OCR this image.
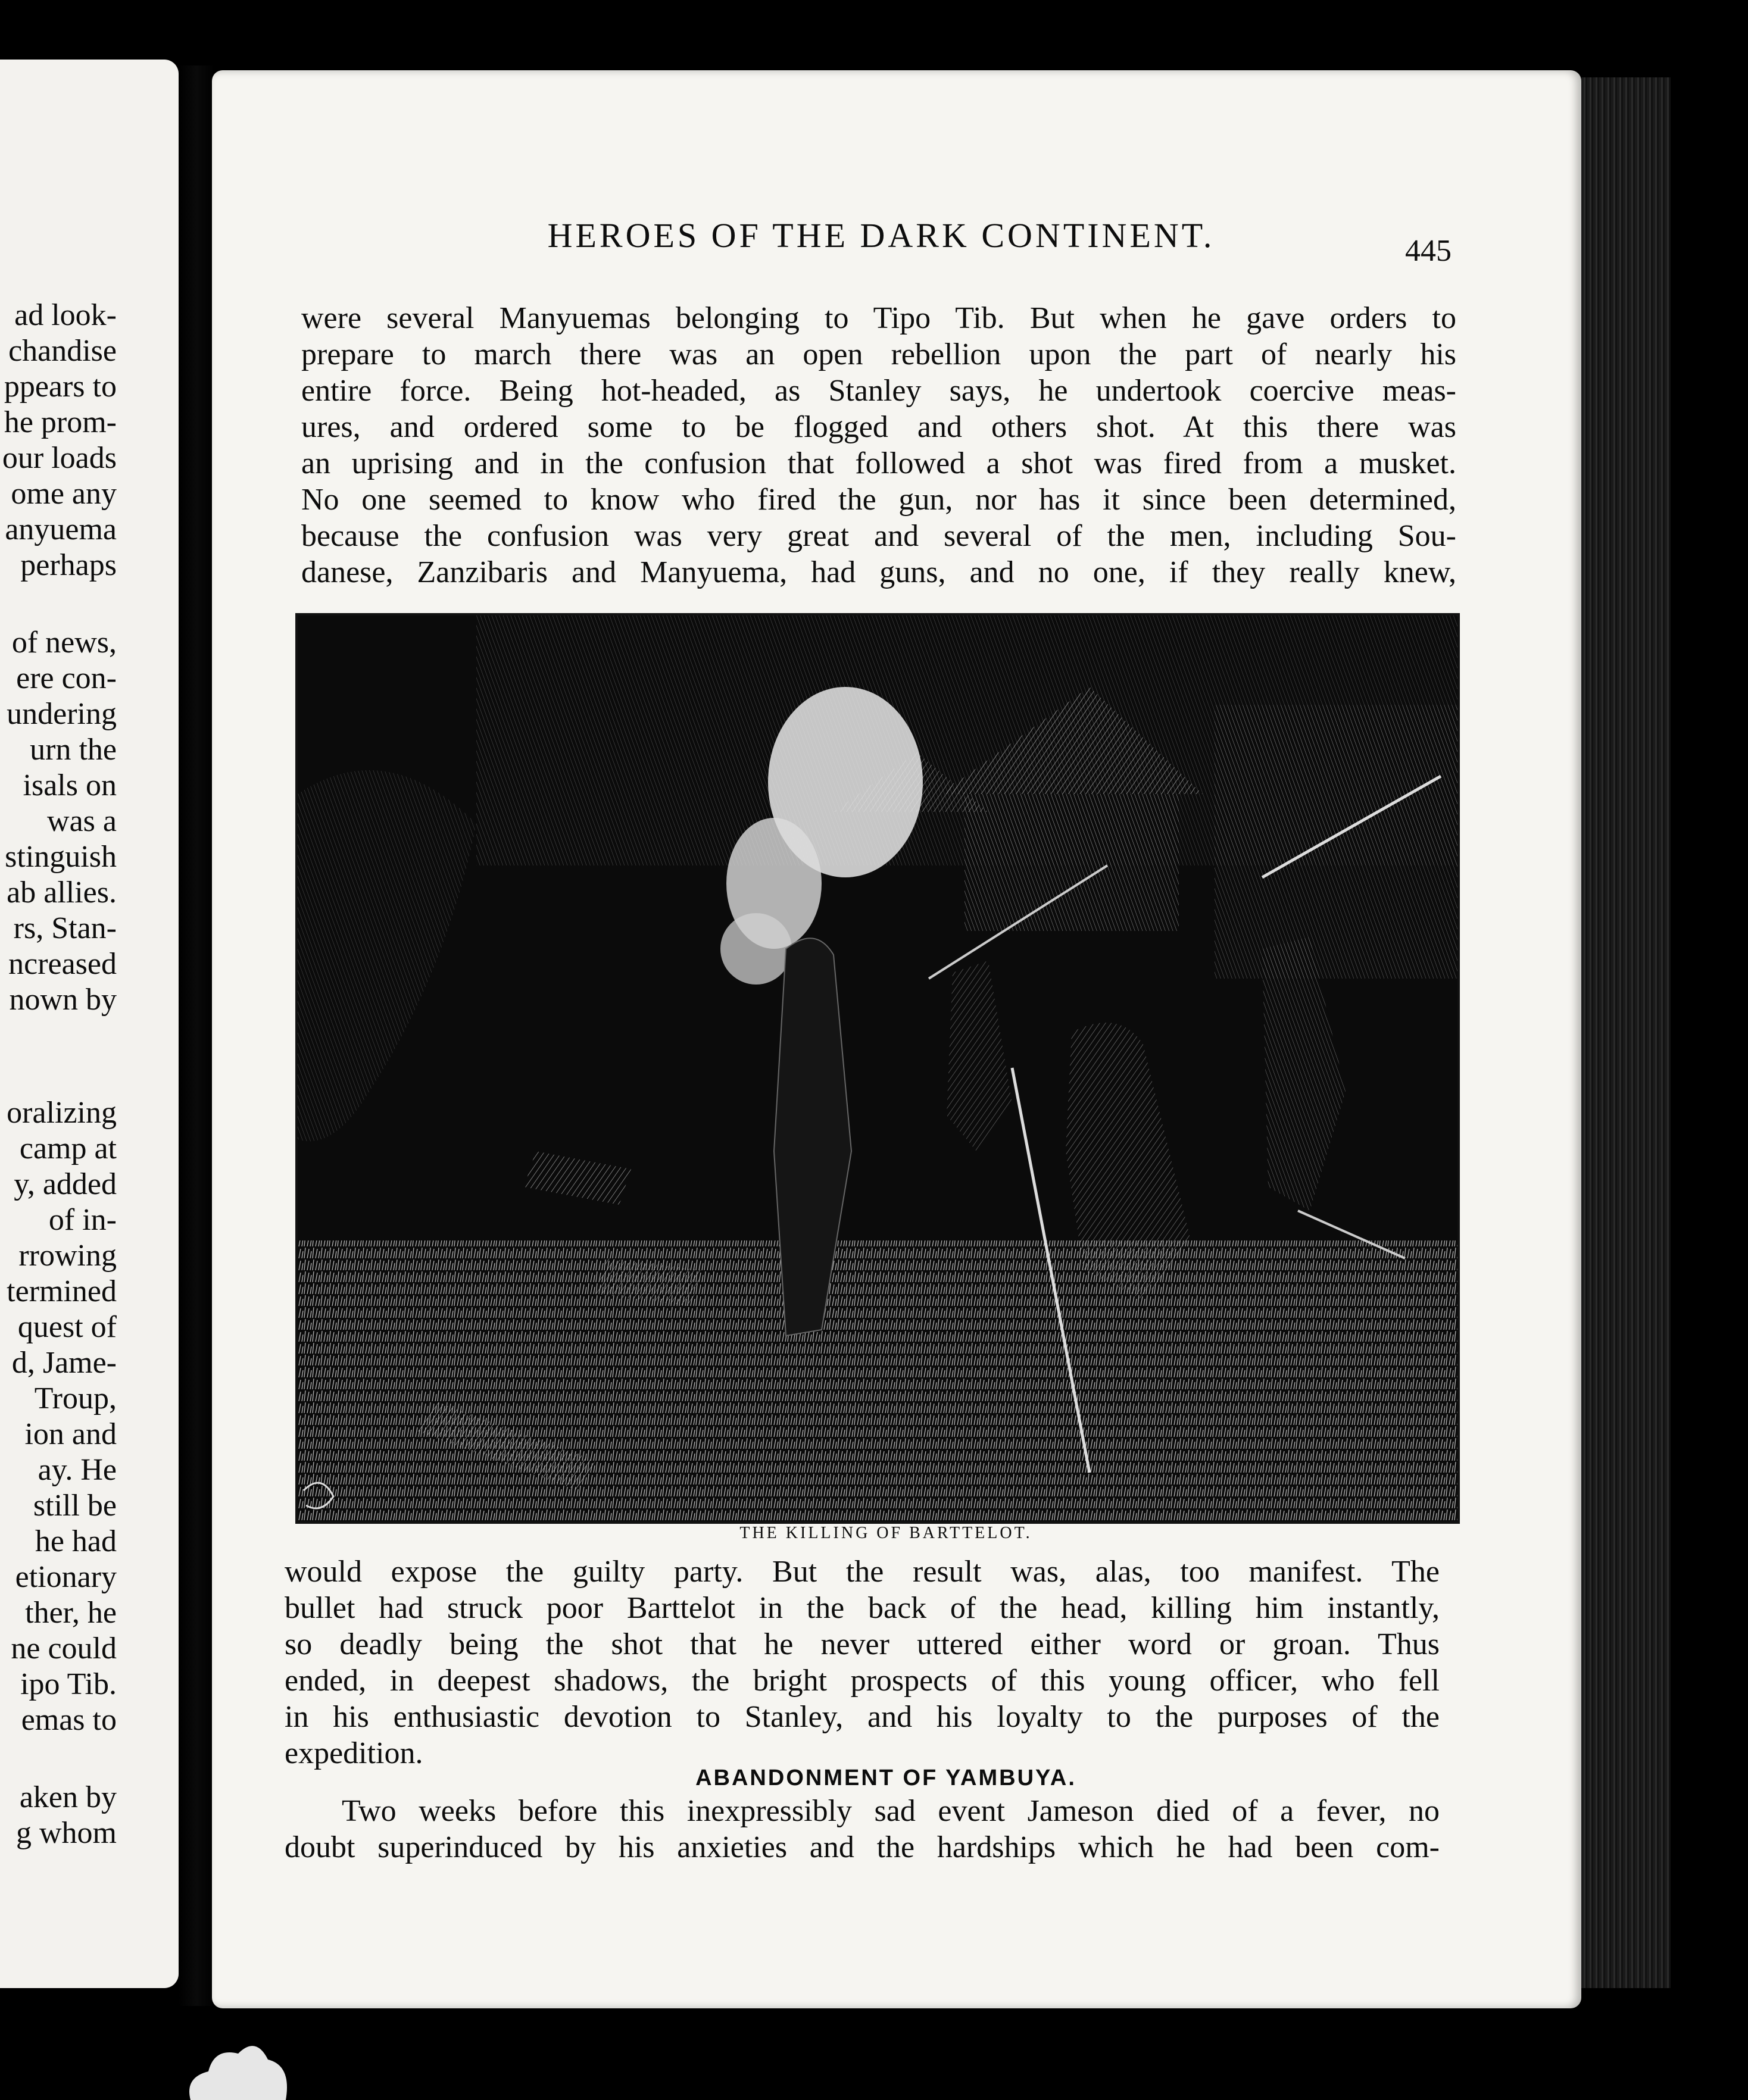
ad look-
chandise
ppears to
he prom-
our loads
ome any
anyuema
perhaps
of news,
ere con-
undering
urn the
isals on
was a
stinguish
ab allies.
rs, Stan-
ncreased
nown by
oralizing
camp at
y, added
of in-
rrowing
termined
quest of
d, Jame-
Troup,
ion and
ay. He
still be
he had
etionary
ther, he
ne could
ipo Tib.
emas to
aken by
g whom
HEROES OF THE DARK CONTINENT.	445
were several Manyuemas belonging to Tipo Tib. But when he gave orders to
prepare to march there was an open rebellion upon the part of nearly his
entire force. Being hot-headed, as Stanley says, he undertook coercive meas-
ures, and ordered some to be flogged and others shot. At this there was
an uprising and in the confusion that followed a shot was fired from a musket.
No one seemed to know who fired the gun, nor has it since been determined,
because the confusion was very great and several of the men, including Sou-
danese, Zanzibaris and Manyuema, had guns, and no one, if they really knew,
THE KILLING OF BARTTELOT.
would expose the guilty party. But the result was, alas, too manifest. The
bullet had struck poor Barttelot in the back of the head, killing him instantly,
so deadly being the shot that he never uttered either word or groan. Thus
ended, in deepest shadows, the bright prospects of this young officer, who fell
in his enthusiastic devotion to Stanley, and his loyalty to the purposes of the
expedition.
ABANDONMENT OF YAMBUYA.
Two weeks before this inexpressibly sad event Jameson died of a fever, no
doubt superinduced by his anxieties and the hardships which he had been com-
